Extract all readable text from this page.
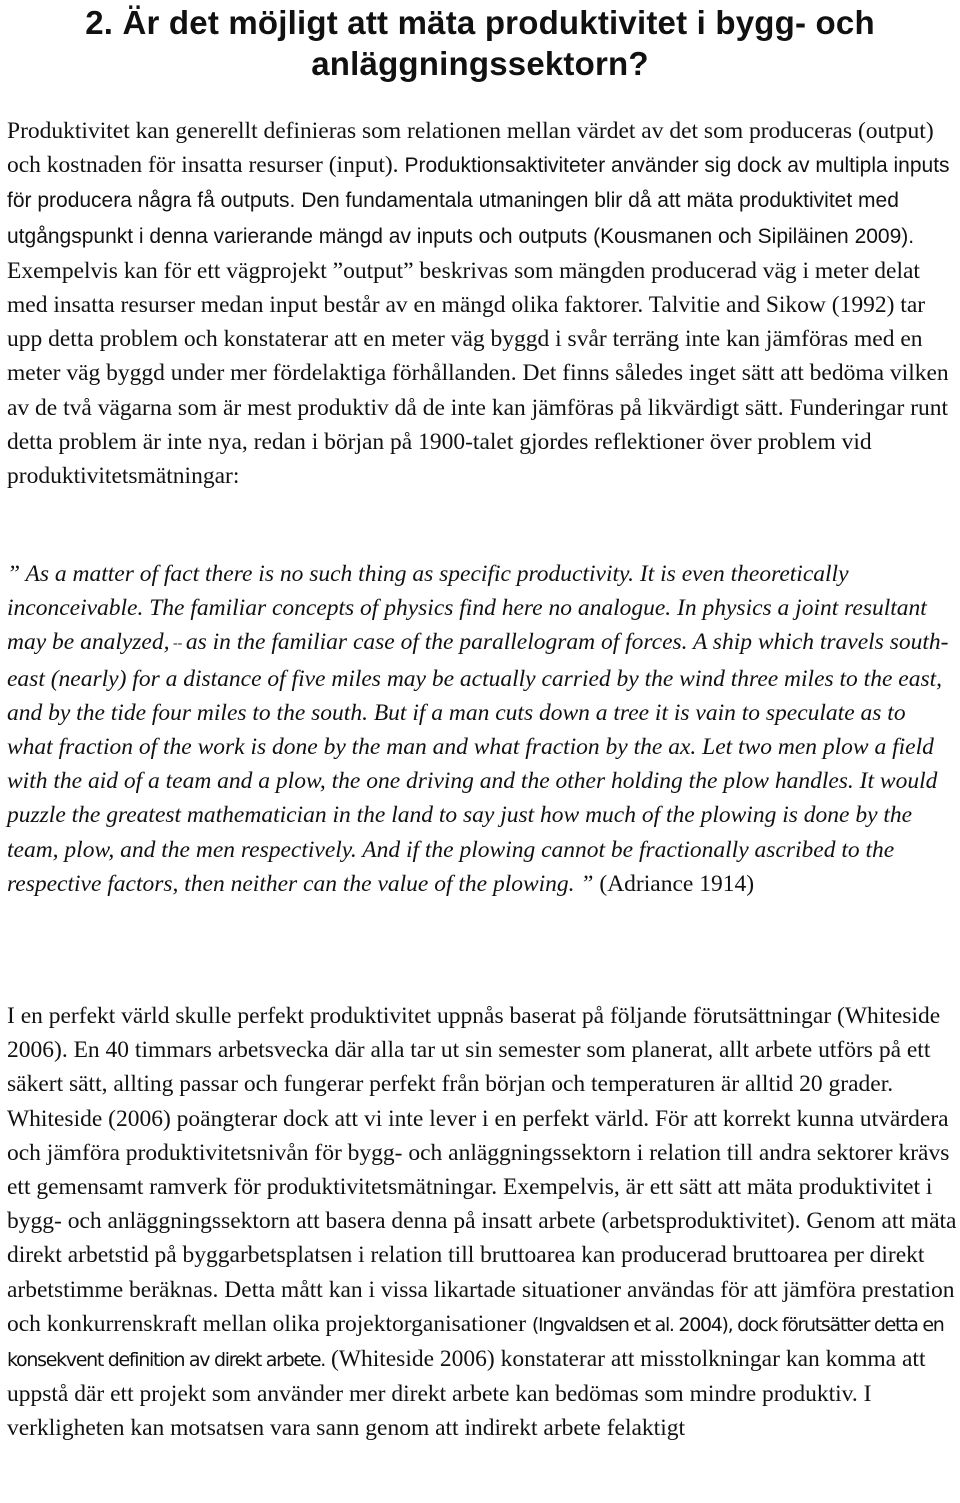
2. Är det möjligt att mäta produktivitet i bygg- och
anläggningssektorn?

Produktivitet kan generellt definieras som relationen mellan värdet av det som produceras (output) och kostnaden för insatta resurser (input). Produktionsaktiviteter använder sig dock av multipla inputs för producera några få outputs. Den fundamentala utmaningen blir då att mäta produktivitet med utgångspunkt i denna varierande mängd av inputs och outputs (Kousmanen och Sipiläinen 2009). Exempelvis kan för ett vägprojekt ”output” beskrivas som mängden producerad väg i meter delat med insatta resurser medan input består av en mängd olika faktorer. Talvitie and Sikow (1992) tar upp detta problem och konstaterar att en meter väg byggd i svår terräng inte kan jämföras med en meter väg byggd under mer fördelaktiga förhållanden. Det finns således inget sätt att bedöma vilken av de två vägarna som är mest produktiv då de inte kan jämföras på likvärdigt sätt. Funderingar runt detta problem är inte nya, redan i början på 1900-talet gjordes reflektioner över problem vid produktivitetsmätningar:

” As a matter of fact there is no such thing as specific productivity. It is even theoretically inconceivable. The familiar concepts of physics find here no analogue. In physics a joint resultant may be analyzed, -- as in the familiar case of the parallelogram of forces. A ship which travels south-east (nearly) for a distance of five miles may be actually carried by the wind three miles to the east, and by the tide four miles to the south. But if a man cuts down a tree it is vain to speculate as to what fraction of the work is done by the man and what fraction by the ax. Let two men plow a field with the aid of a team and a plow, the one driving and the other holding the plow handles. It would puzzle the greatest mathematician in the land to say just how much of the plowing is done by the team, plow, and the men respectively. And if the plowing cannot be fractionally ascribed to the respective factors, then neither can the value of the plowing. ” (Adriance 1914)

I en perfekt värld skulle perfekt produktivitet uppnås baserat på följande förutsättningar (Whiteside 2006). En 40 timmars arbetsvecka där alla tar ut sin semester som planerat, allt arbete utförs på ett säkert sätt, allting passar och fungerar perfekt från början och temperaturen är alltid 20 grader. Whiteside (2006) poängterar dock att vi inte lever i en perfekt värld. För att korrekt kunna utvärdera och jämföra produktivitetsnivån för bygg- och anläggningssektorn i relation till andra sektorer krävs ett gemensamt ramverk för produktivitetsmätningar. Exempelvis, är ett sätt att mäta produktivitet i bygg- och anläggningssektorn att basera denna på insatt arbete (arbetsproduktivitet). Genom att mäta direkt arbetstid på byggarbetsplatsen i relation till bruttoarea kan producerad bruttoarea per direkt arbetstimme beräknas. Detta mått kan i vissa likartade situationer användas för att jämföra prestation och konkurrenskraft mellan olika projektorganisationer (Ingvaldsen et al. 2004), dock förutsätter detta en konsekvent definition av direkt arbete. (Whiteside 2006) konstaterar att misstolkningar kan komma att uppstå där ett projekt som använder mer direkt arbete kan bedömas som mindre produktiv. I verkligheten kan motsatsen vara sann genom att indirekt arbete felaktigt
